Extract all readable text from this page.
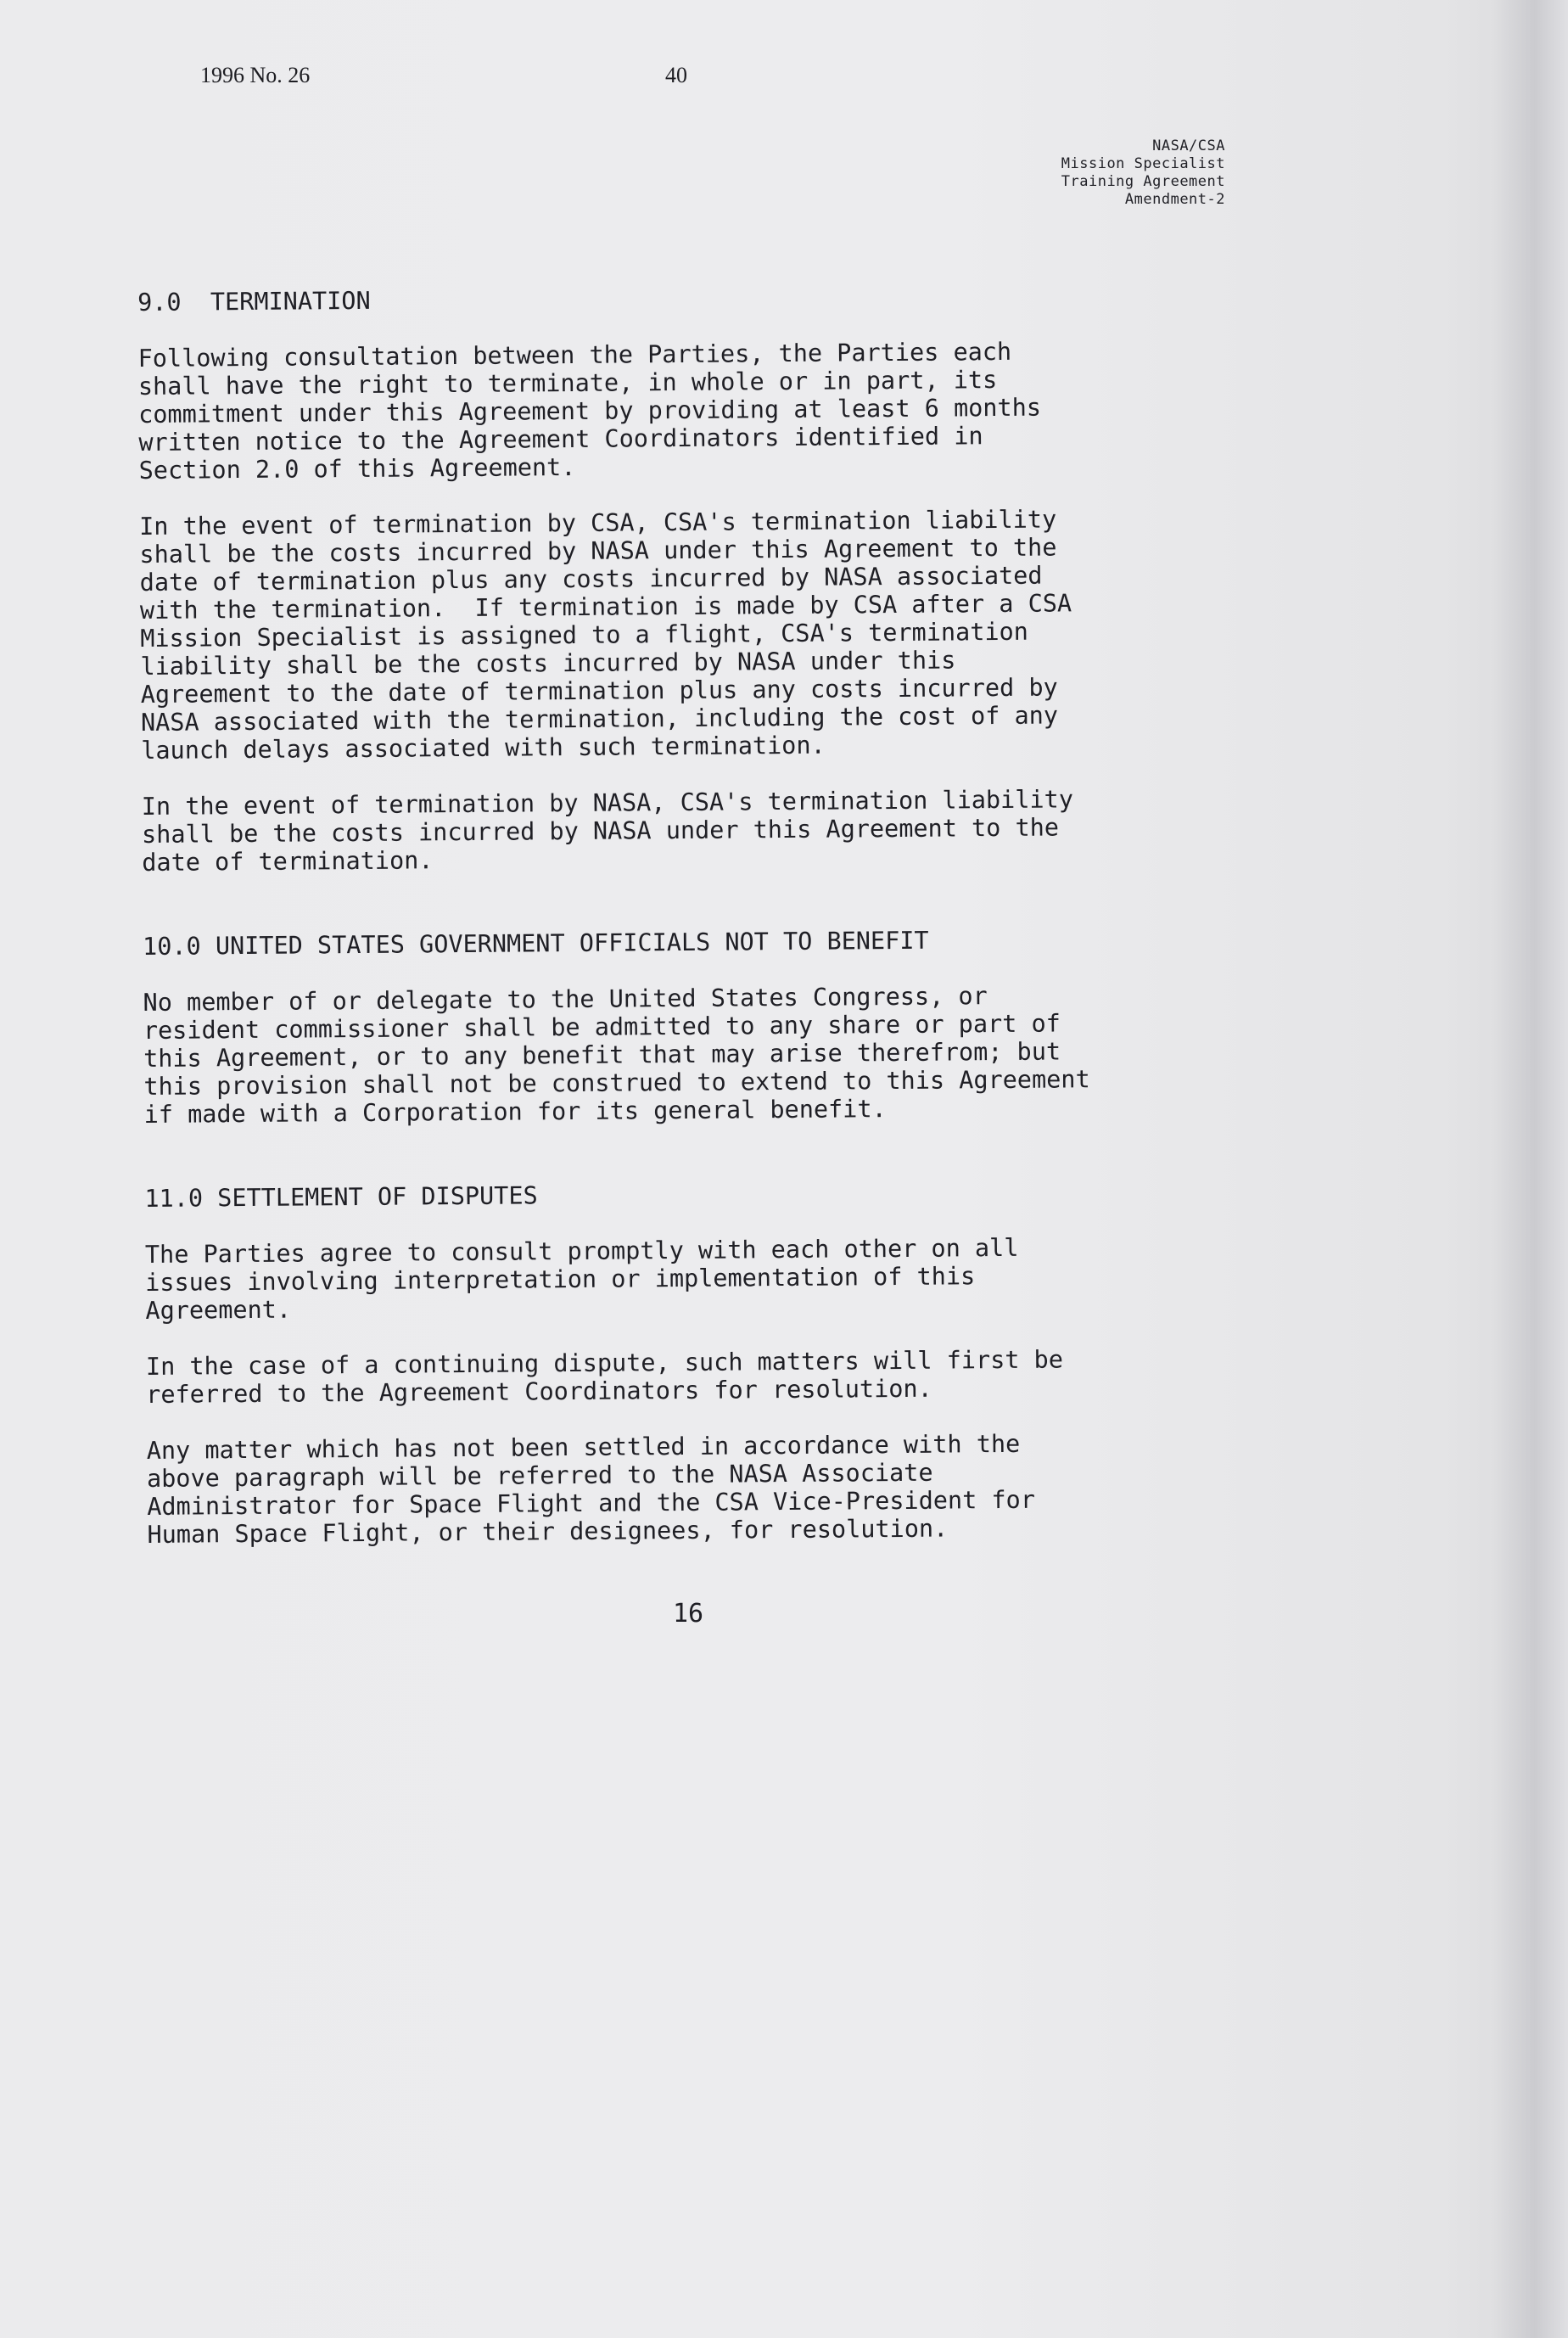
1996 No. 26	40
NASA/CSA
Mission Specialist
Training Agreement
Amendment-2
9.0  TERMINATION

Following consultation between the Parties, the Parties each
shall have the right to terminate, in whole or in part, its
commitment under this Agreement by providing at least 6 months
written notice to the Agreement Coordinators identified in
Section 2.0 of this Agreement.

In the event of termination by CSA, CSA's termination liability
shall be the costs incurred by NASA under this Agreement to the
date of termination plus any costs incurred by NASA associated
with the termination.  If termination is made by CSA after a CSA
Mission Specialist is assigned to a flight, CSA's termination
liability shall be the costs incurred by NASA under this
Agreement to the date of termination plus any costs incurred by
NASA associated with the termination, including the cost of any
launch delays associated with such termination.

In the event of termination by NASA, CSA's termination liability
shall be the costs incurred by NASA under this Agreement to the
date of termination.

10.0 UNITED STATES GOVERNMENT OFFICIALS NOT TO BENEFIT

No member of or delegate to the United States Congress, or
resident commissioner shall be admitted to any share or part of
this Agreement, or to any benefit that may arise therefrom; but
this provision shall not be construed to extend to this Agreement
if made with a Corporation for its general benefit.

11.0 SETTLEMENT OF DISPUTES

The Parties agree to consult promptly with each other on all
issues involving interpretation or implementation of this
Agreement.

In the case of a continuing dispute, such matters will first be
referred to the Agreement Coordinators for resolution.

Any matter which has not been settled in accordance with the
above paragraph will be referred to the NASA Associate
Administrator for Space Flight and the CSA Vice-President for
Human Space Flight, or their designees, for resolution.

16
